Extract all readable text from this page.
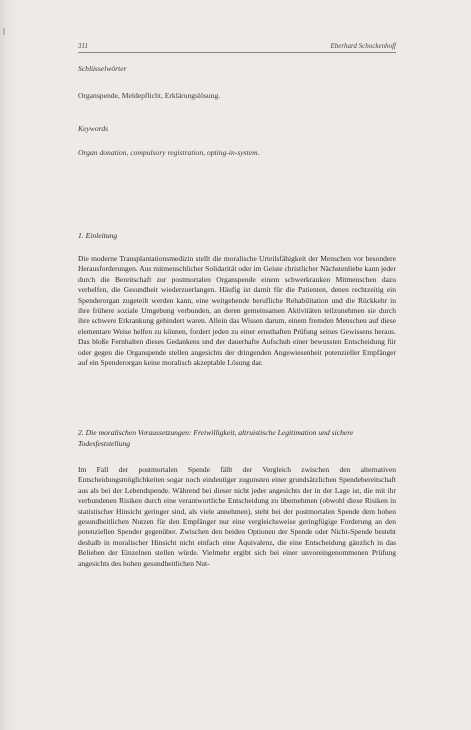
311	Eberhard Schockenhoff
Schlüsselwörter
Organspende, Meldepflicht, Erklärungslösung.
Keywords
Organ donation, compulsory registration, opting-in-system.
1. Einleitung
Die moderne Transplantationsmedizin stellt die moralische Urteilsfähigkeit der Menschen vor besondere Herausforderungen. Aus mitmenschlicher Solidarität oder im Geiste christlicher Nächstenliebe kann jeder durch die Bereitschaft zur postmortalen Organspende einem schwerkranken Mitmenschen dazu verhelfen, die Gesundheit wiederzuerlangen. Häufig ist damit für die Patienten, denen rechtzeitig ein Spenderorgan zugeteilt werden kann, eine weitgehende berufliche Rehabilitation und die Rückkehr in ihre frühere soziale Umgebung verbunden, an deren gemeinsamen Aktivitäten teilzunehmen sie durch ihre schwere Erkrankung gehindert waren. Allein das Wissen darum, einem fremden Menschen auf diese elementare Weise helfen zu können, fordert jeden zu einer ernsthaften Prüfung seines Gewissens heraus. Das bloße Fernhalten dieses Gedankens und der dauerhafte Aufschub einer bewussten Entscheidung für oder gegen die Organspende stellen angesichts der dringenden Angewiesenheit potenzieller Empfänger auf ein Spenderorgan keine moralisch akzeptable Lösung dar.
2. Die moralischen Voraussetzungen: Freiwilligkeit, altruistische Legitimation und sichere Todesfeststellung
Im Fall der postmortalen Spende fällt der Vergleich zwischen den alternativen Entscheidungsmöglichkeiten sogar noch eindeutiger zugunsten einer grundsätzlichen Spendebereitschaft aus als bei der Lebendspende. Während bei dieser nicht jeder angesichts der in der Lage ist, die mit ihr verbundenen Risiken durch eine verantwortliche Entscheidung zu übernehmen (obwohl diese Risiken in statistischer Hinsicht geringer sind, als viele annehmen), steht bei der postmortalen Spende dem hohen gesundheitlichen Nutzen für den Empfänger nur eine vergleichsweise geringfügige Forderung an den potenziellen Spender gegenüber. Zwischen den beiden Optionen der Spende oder Nicht-Spende besteht deshalb in moralischer Hinsicht nicht einfach eine Äquivalenz, die eine Entscheidung gänzlich in das Belieben der Einzelnen stellen würde. Vielmehr ergibt sich bei einer unvoreingenommenen Prüfung angesichts des hohen gesundheitlichen Nut-
